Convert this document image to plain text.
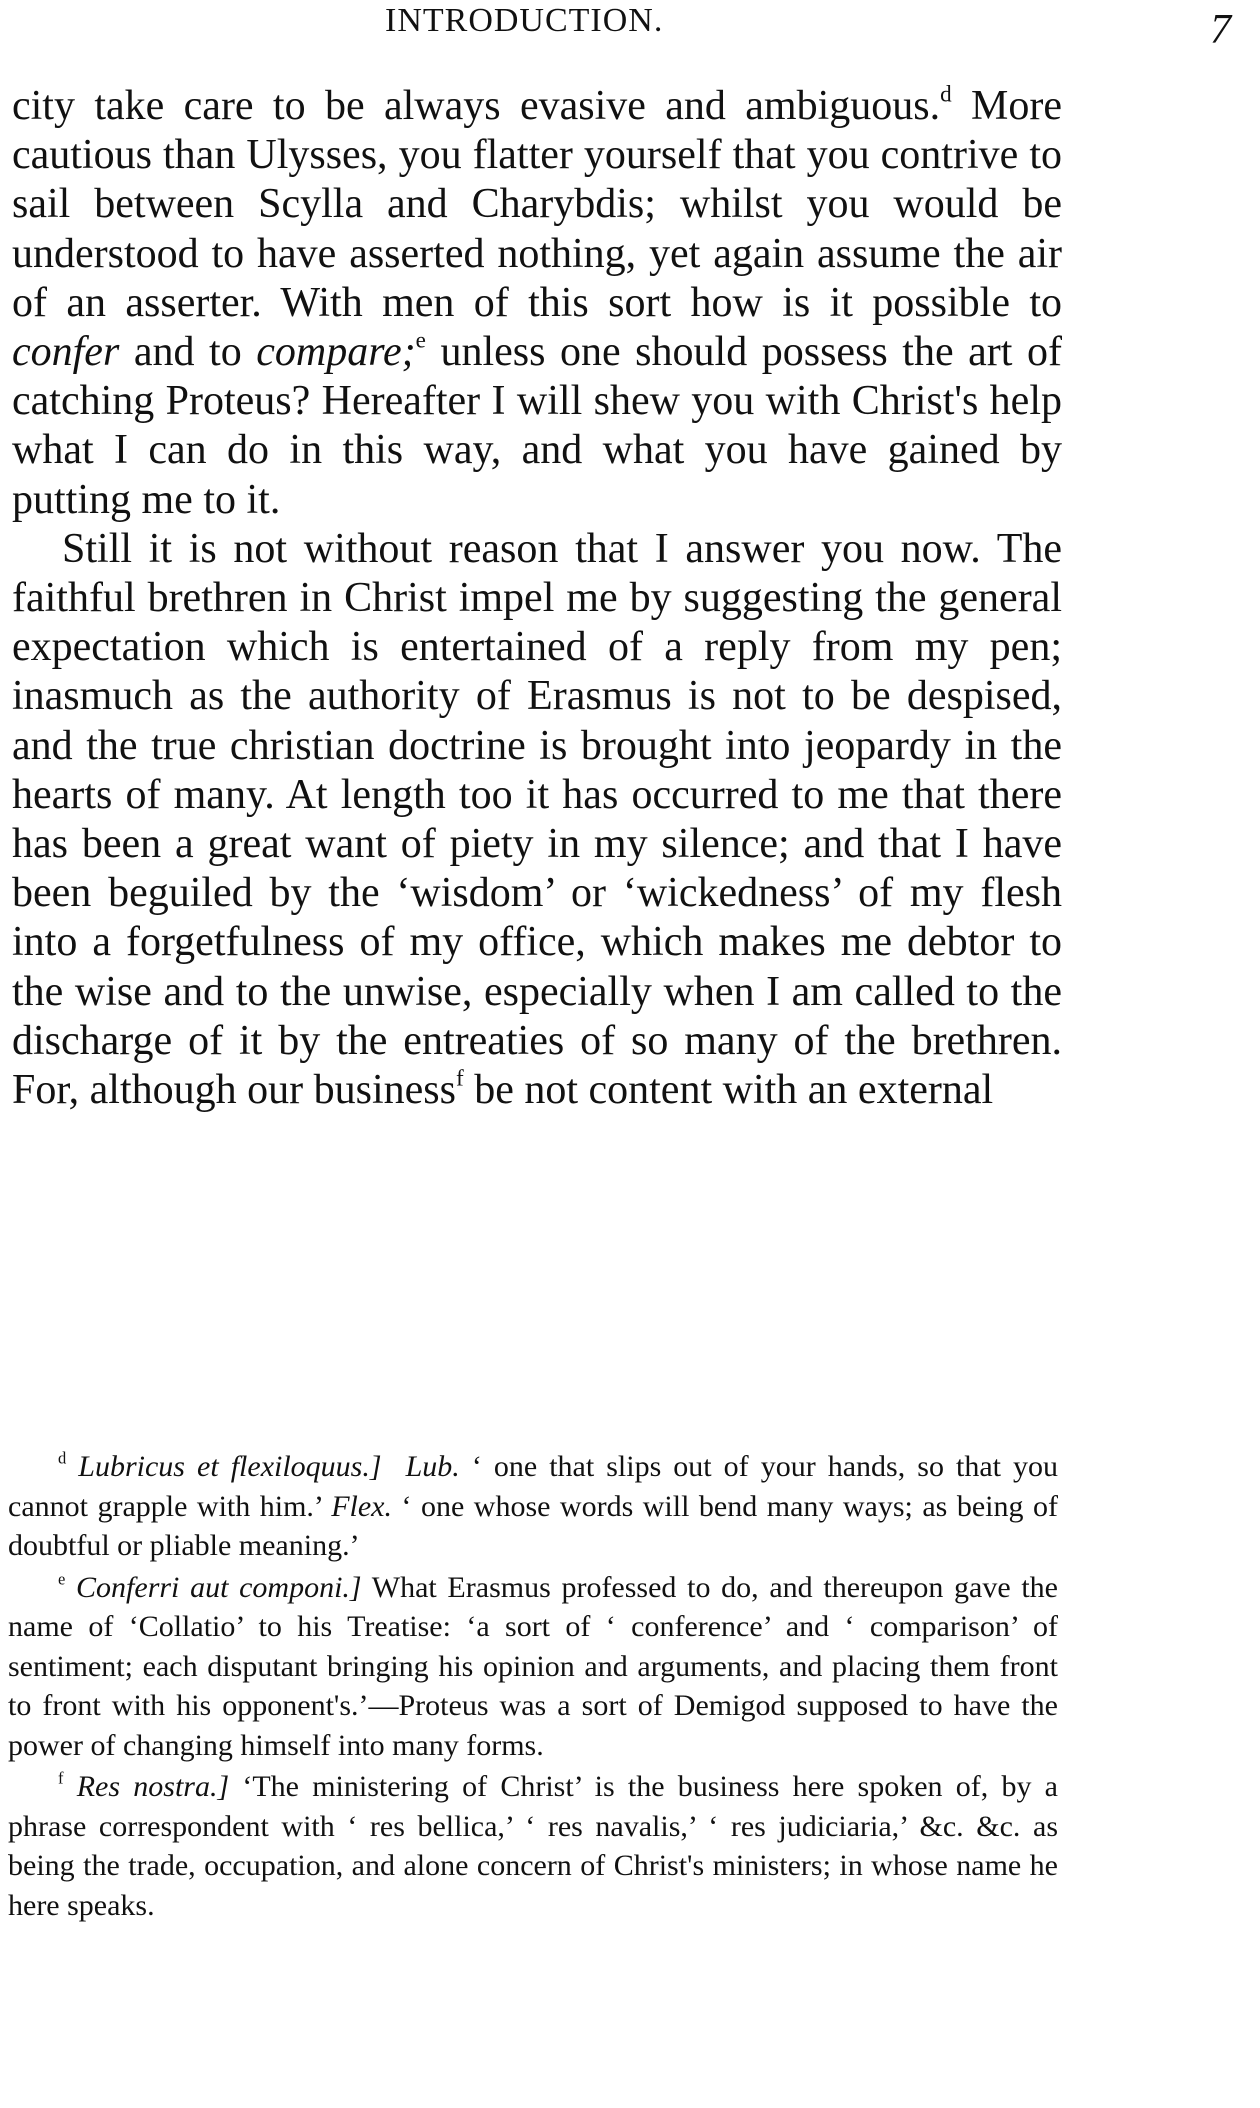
INTRODUCTION.	7

city take care to be always evasive and ambiguous.$^d$ More cautious than Ulysses, you flatter yourself that you contrive to sail between Scylla and Charybdis; whilst you would be understood to have asserted nothing, yet again assume the air of an asserter. With men of this sort how is it possible to confer and to compare;$^e$ unless one should possess the art of catching Proteus? Hereafter I will shew you with Christ's help what I can do in this way, and what you have gained by putting me to it.

Still it is not without reason that I answer you now. The faithful brethren in Christ impel me by suggesting the general expectation which is entertained of a reply from my pen; inasmuch as the authority of Erasmus is not to be despised, and the true christian doctrine is brought into jeopardy in the hearts of many. At length too it has occurred to me that there has been a great want of piety in my silence; and that I have been beguiled by the ‘wisdom’ or ‘wickedness’ of my flesh into a forgetfulness of my office, which makes me debtor to the wise and to the unwise, especially when I am called to the discharge of it by the entreaties of so many of the brethren. For, although our business$^f$ be not content with an external

$^d$ Lubricus et flexiloquus.] Lub. ‘ one that slips out of your hands, so that you cannot grapple with him.’ Flex. ‘ one whose words will bend many ways; as being of doubtful or pliable meaning.’

$^e$ Conferri aut componi.] What Erasmus professed to do, and thereupon gave the name of ‘Collatio’ to his Treatise: ‘a sort of ‘ conference’ and ‘ comparison’ of sentiment; each disputant bringing his opinion and arguments, and placing them front to front with his opponent's.’—Proteus was a sort of Demigod supposed to have the power of changing himself into many forms.

$^f$ Res nostra.] ‘The ministering of Christ’ is the business here spoken of, by a phrase correspondent with ‘ res bellica,’ ‘ res navalis,’ ‘ res judiciaria,’ &c. &c. as being the trade, occupation, and alone concern of Christ's ministers; in whose name he here speaks.
